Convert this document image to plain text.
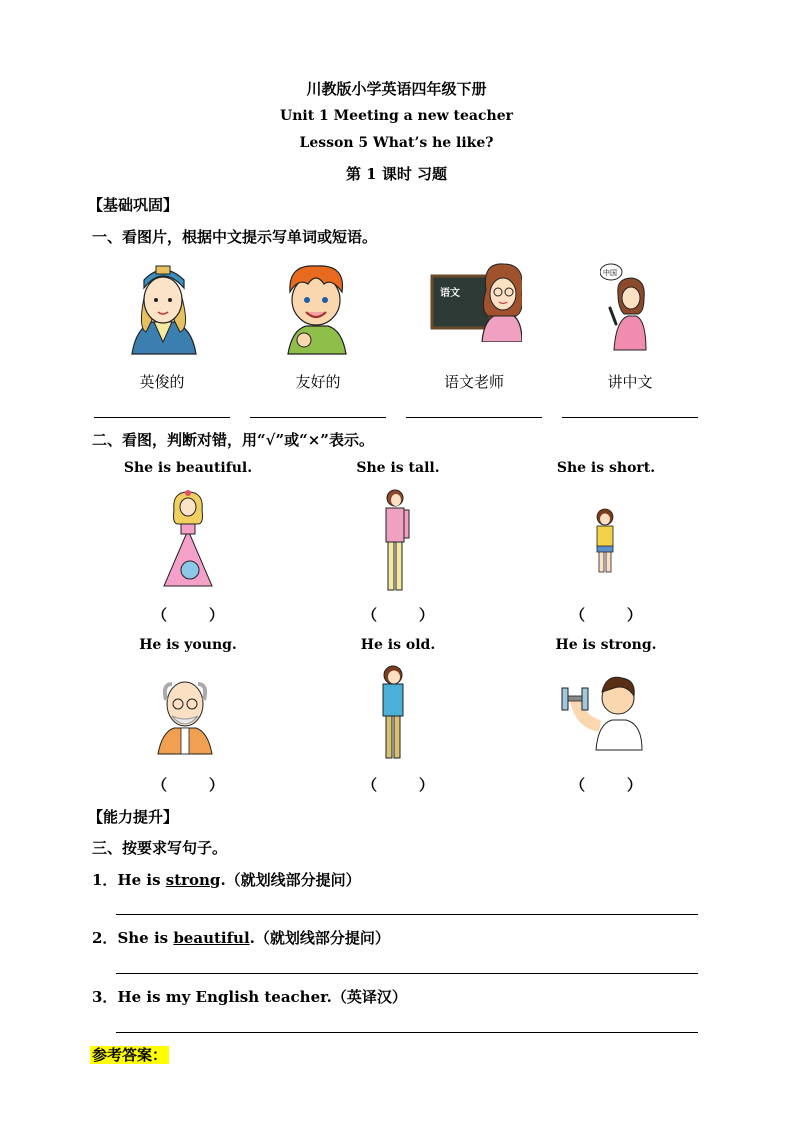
川教版小学英语四年级下册
Unit 1 Meeting a new teacher
Lesson 5 What’s he like?
第 1 课时 习题
【基础巩固】
一、看图片，根据中文提示写单词或短语。
语文
中国
英俊的	友好的	语文老师	讲中文
二、看图，判断对错，用“√”或“×”表示。
She is beautiful.	She is tall.	She is short.
（        ）	（        ）	（        ）
He is young.	He is old.	He is strong.
（        ）	（        ）	（        ）
【能力提升】
三、按要求写句子。
1．He is strong.（就划线部分提问）
2．She is beautiful.（就划线部分提问）
3．He is my English teacher.（英译汉）
参考答案：
